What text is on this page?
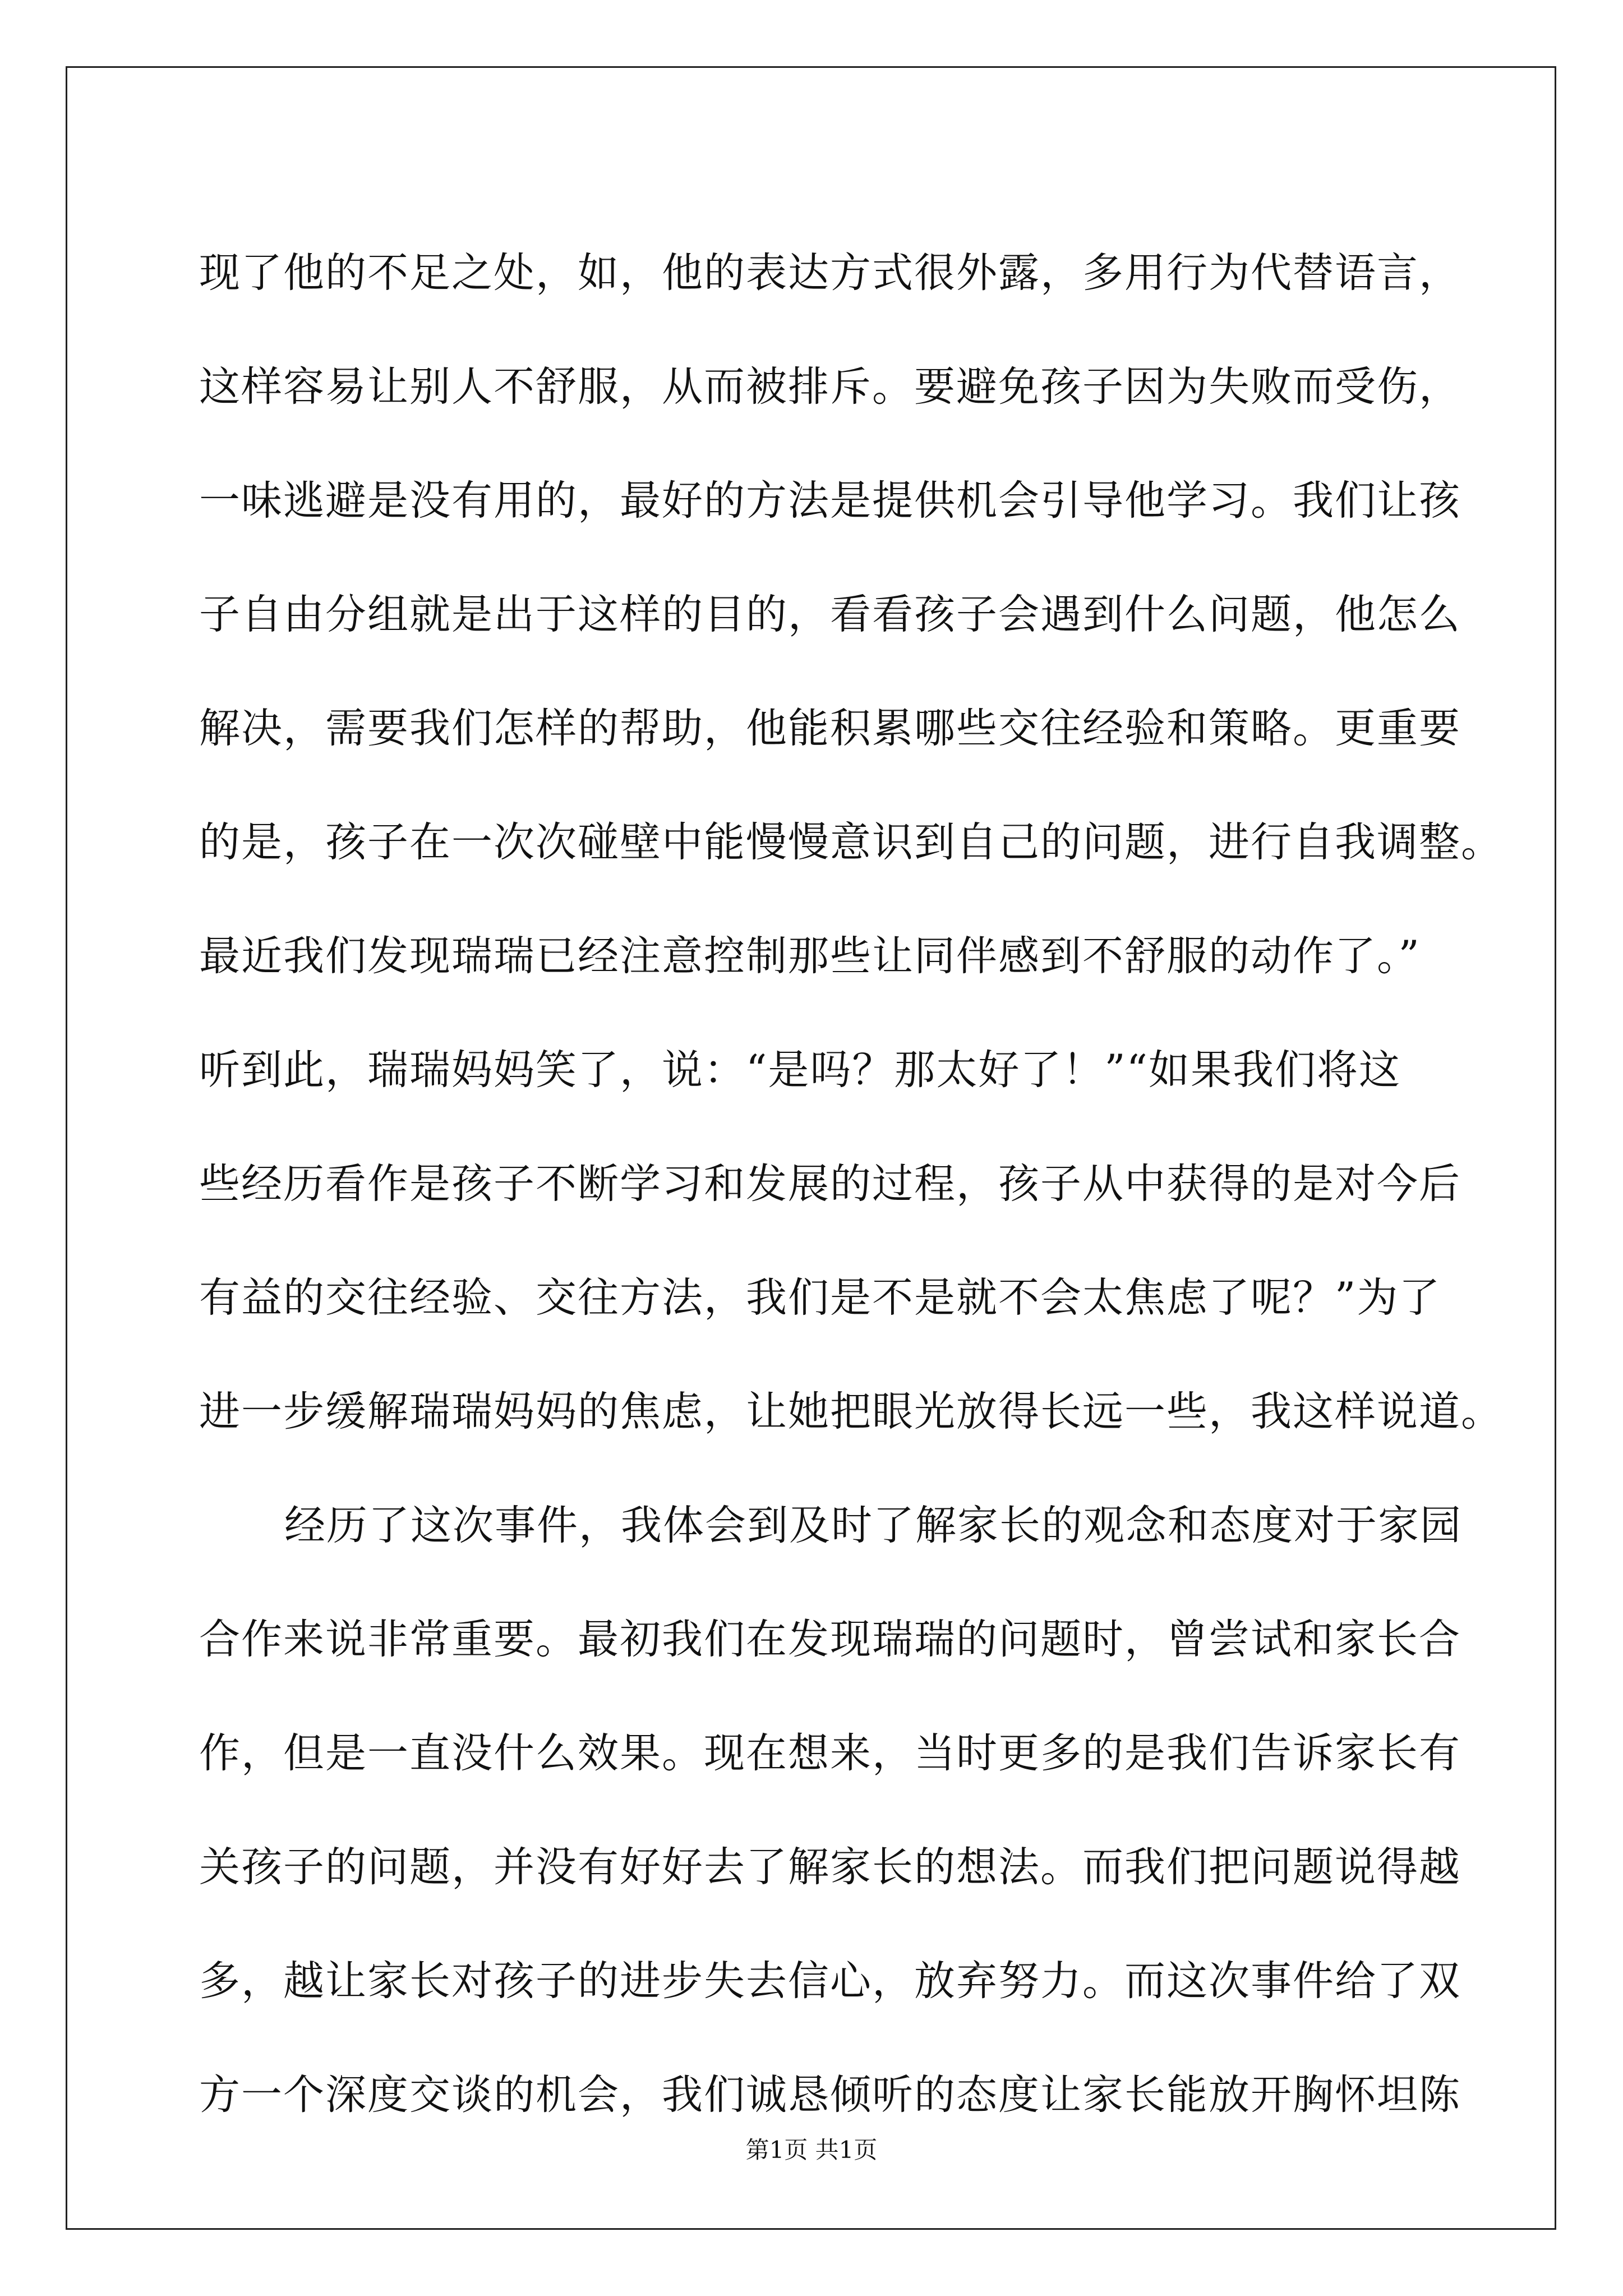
现了他的不足之处，如，他的表达方式很外露，多用行为代替语言，
这样容易让别人不舒服，从而被排斥。要避免孩子因为失败而受伤，
一味逃避是没有用的，最好的方法是提供机会引导他学习。我们让孩
子自由分组就是出于这样的目的，看看孩子会遇到什么问题，他怎么
解决，需要我们怎样的帮助，他能积累哪些交往经验和策略。更重要
的是，孩子在一次次碰壁中能慢慢意识到自己的问题，进行自我调整。
最近我们发现瑞瑞已经注意控制那些让同伴感到不舒服的动作了。”
听到此，瑞瑞妈妈笑了，说：“是吗？那太好了！”“如果我们将这
些经历看作是孩子不断学习和发展的过程，孩子从中获得的是对今后
有益的交往经验、交往方法，我们是不是就不会太焦虑了呢？”为了
进一步缓解瑞瑞妈妈的焦虑，让她把眼光放得长远一些，我这样说道。
经历了这次事件，我体会到及时了解家长的观念和态度对于家园
合作来说非常重要。最初我们在发现瑞瑞的问题时，曾尝试和家长合
作，但是一直没什么效果。现在想来，当时更多的是我们告诉家长有
关孩子的问题，并没有好好去了解家长的想法。而我们把问题说得越
多，越让家长对孩子的进步失去信心，放弃努力。而这次事件给了双
方一个深度交谈的机会，我们诚恳倾听的态度让家长能放开胸怀坦陈
第1页 共1页
